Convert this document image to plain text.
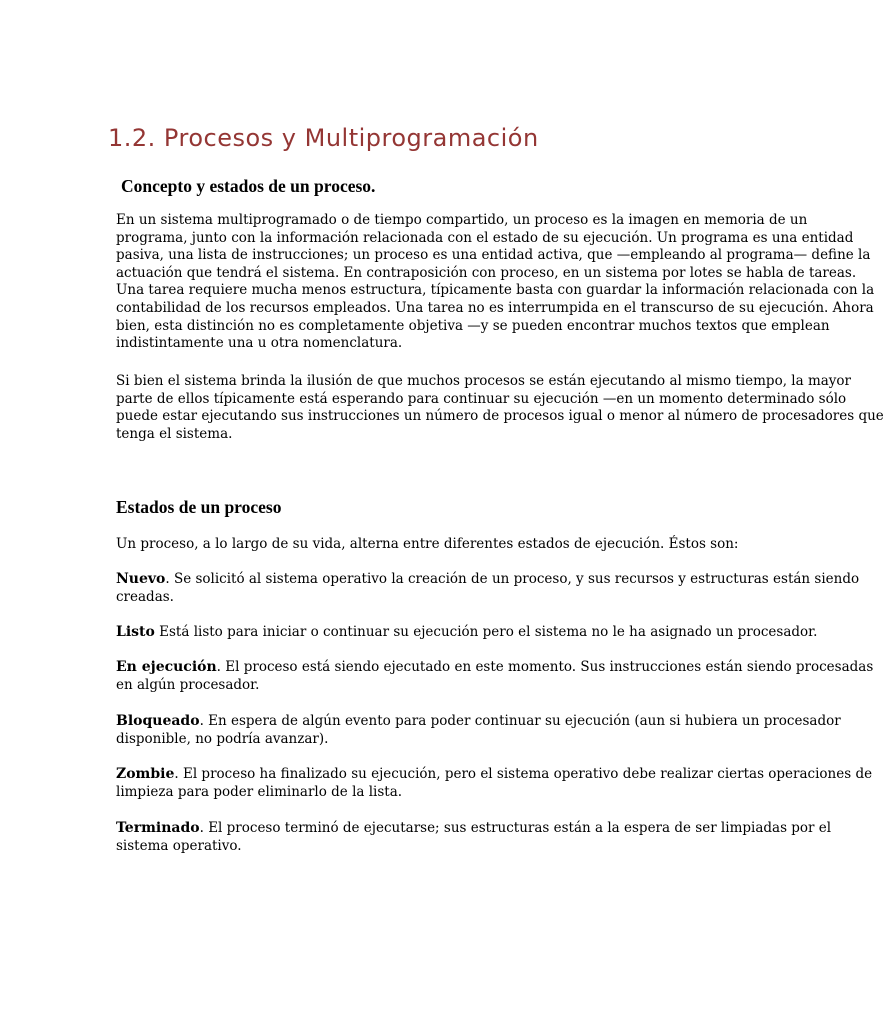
1.2. Procesos y Multiprogramación
Concepto y estados de un proceso.

En un sistema multiprogramado o de tiempo compartido, un proceso es la imagen en memoria de un
programa, junto con la información relacionada con el estado de su ejecución. Un programa es una entidad
pasiva, una lista de instrucciones; un proceso es una entidad activa, que —empleando al programa— define la
actuación que tendrá el sistema. En contraposición con proceso, en un sistema por lotes se habla de tareas.
Una tarea requiere mucha menos estructura, típicamente basta con guardar la información relacionada con la
contabilidad de los recursos empleados. Una tarea no es interrumpida en el transcurso de su ejecución. Ahora
bien, esta distinción no es completamente objetiva —y se pueden encontrar muchos textos que emplean
indistintamente una u otra nomenclatura.

Si bien el sistema brinda la ilusión de que muchos procesos se están ejecutando al mismo tiempo, la mayor
parte de ellos típicamente está esperando para continuar su ejecución —en un momento determinado sólo
puede estar ejecutando sus instrucciones un número de procesos igual o menor al número de procesadores que
tenga el sistema.

Estados de un proceso

Un proceso, a lo largo de su vida, alterna entre diferentes estados de ejecución. Éstos son:

Nuevo. Se solicitó al sistema operativo la creación de un proceso, y sus recursos y estructuras están siendo
creadas.

Listo Está listo para iniciar o continuar su ejecución pero el sistema no le ha asignado un procesador.

En ejecución. El proceso está siendo ejecutado en este momento. Sus instrucciones están siendo procesadas
en algún procesador.

Bloqueado. En espera de algún evento para poder continuar su ejecución (aun si hubiera un procesador
disponible, no podría avanzar).

Zombie. El proceso ha finalizado su ejecución, pero el sistema operativo debe realizar ciertas operaciones de
limpieza para poder eliminarlo de la lista.

Terminado. El proceso terminó de ejecutarse; sus estructuras están a la espera de ser limpiadas por el
sistema operativo.
